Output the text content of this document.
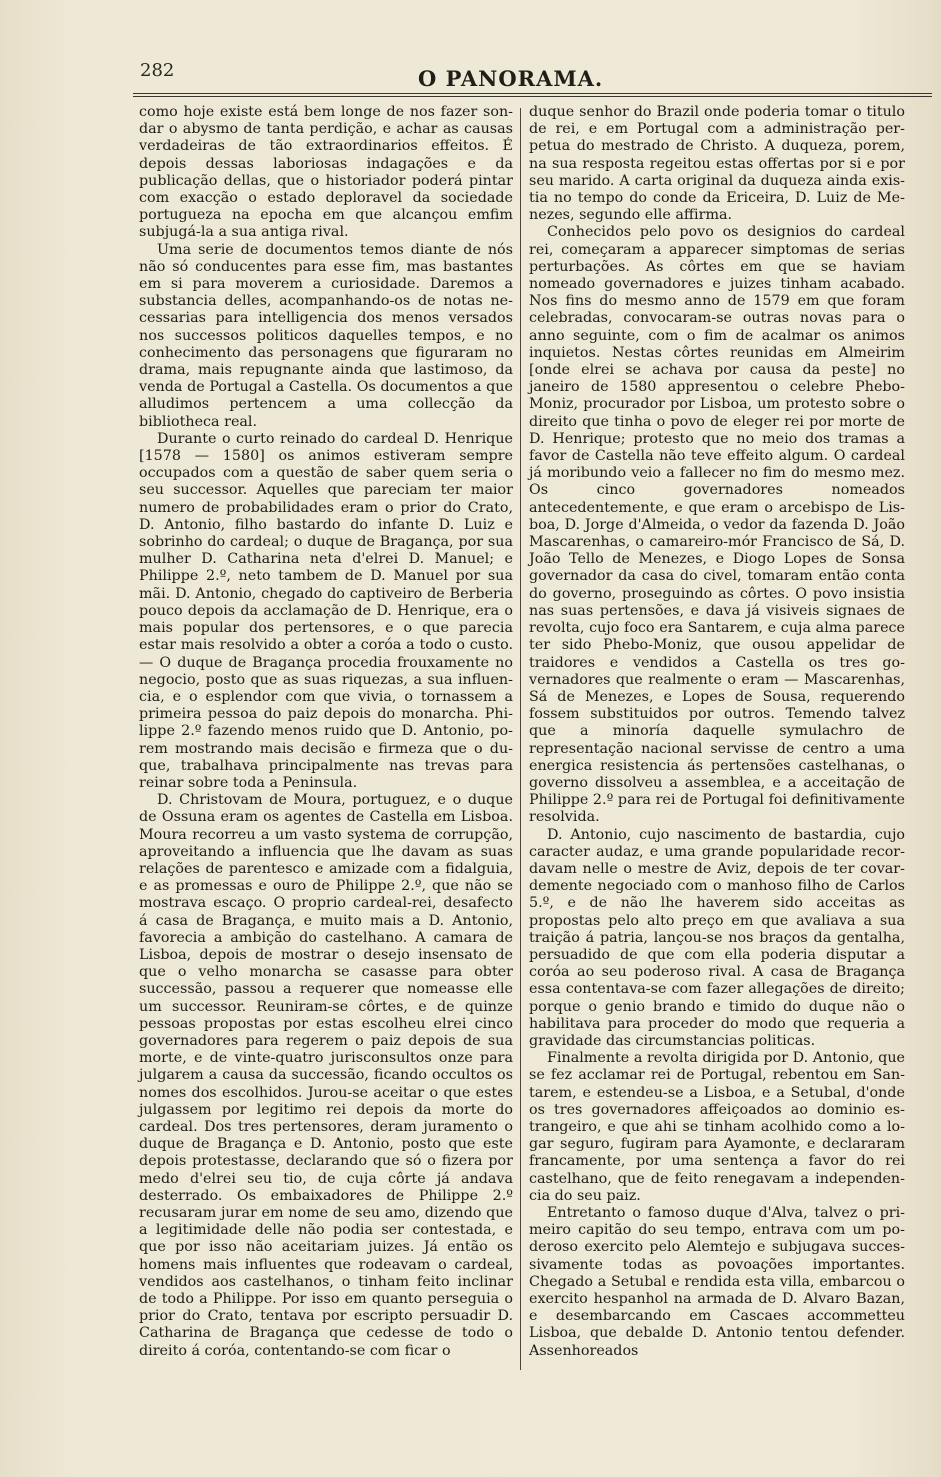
282	O PANORAMA.

como hoje existe está bem longe de nos fazer sondar o abysmo de tanta perdição, e achar as causas verdadeiras de tão extraordinarios effeitos. É depois dessas laboriosas indagações e da publicação dellas, que o historiador poderá pintar com exacção o estado deploravel da sociedade portugueza na epocha em que alcançou emfim subjugá-la a sua antiga rival.

Uma serie de documentos temos diante de nós não só conducentes para esse fim, mas bastantes em si para moverem a curiosidade. Daremos a substancia delles, acompanhando-os de notas necessarias para intelligencia dos menos versados nos successos politicos daquelles tempos, e no conhecimento das personagens que figuraram no drama, mais repugnante ainda que lastimoso, da venda de Portugal a Castella. Os documentos a que alludimos pertencem a uma collecção da bibliotheca real.

Durante o curto reinado do cardeal D. Henrique [1578 — 1580] os animos estiveram sempre occupados com a questão de saber quem seria o seu successor. Aquelles que pareciam ter maior numero de probabilidades eram o prior do Crato, D. Antonio, filho bastardo do infante D. Luiz e sobrinho do cardeal; o duque de Bragança, por sua mulher D. Catharina neta d'elrei D. Manuel; e Philippe 2.º, neto tambem de D. Manuel por sua mãi. D. Antonio, chegado do captiveiro de Berberia pouco depois da acclamação de D. Henrique, era o mais popular dos pertensores, e o que parecia estar mais resolvido a obter a coróa a todo o custo. — O duque de Bragança procedia frouxamente no negocio, posto que as suas riquezas, a sua influencia, e o esplendor com que vivia, o tornassem a primeira pessoa do paiz depois do monarcha. Philippe 2.º fazendo menos ruido que D. Antonio, porem mostrando mais decisão e firmeza que o duque, trabalhava principalmente nas trevas para reinar sobre toda a Peninsula.

D. Christovam de Moura, portuguez, e o duque de Ossuna eram os agentes de Castella em Lisboa. Moura recorreu a um vasto systema de corrupção, aproveitando a influencia que lhe davam as suas relações de parentesco e amizade com a fidalguia, e as promessas e ouro de Philippe 2.º, que não se mostrava escaço. O proprio cardeal-rei, desafecto á casa de Bragança, e muito mais a D. Antonio, favorecia a ambição do castelhano. A camara de Lisboa, depois de mostrar o desejo insensato de que o velho monarcha se casasse para obter successão, passou a requerer que nomeasse elle um successor. Reuniram-se côrtes, e de quinze pessoas propostas por estas escolheu elrei cinco governadores para regerem o paiz depois de sua morte, e de vinte-quatro jurisconsultos onze para julgarem a causa da successão, ficando occultos os nomes dos escolhidos. Jurou-se aceitar o que estes julgassem por legitimo rei depois da morte do cardeal. Dos tres pertensores, deram juramento o duque de Bragança e D. Antonio, posto que este depois protestasse, declarando que só o fizera por medo d'elrei seu tio, de cuja côrte já andava desterrado. Os embaixadores de Philippe 2.º recusaram jurar em nome de seu amo, dizendo que a legitimidade delle não podia ser contestada, e que por isso não aceitariam juizes. Já então os homens mais influentes que rodeavam o cardeal, vendidos aos castelhanos, o tinham feito inclinar de todo a Philippe. Por isso em quanto perseguia o prior do Crato, tentava por escripto persuadir D. Catharina de Bragança que cedesse de todo o direito á coróa, contentando-se com ficar o

duque senhor do Brazil onde poderia tomar o titulo de rei, e em Portugal com a administração perpetua do mestrado de Christo. A duqueza, porem, na sua resposta regeitou estas offertas por si e por seu marido. A carta original da duqueza ainda existia no tempo do conde da Ericeira, D. Luiz de Menezes, segundo elle affirma.

Conhecidos pelo povo os designios do cardeal rei, começaram a apparecer simptomas de serias perturbações. As côrtes em que se haviam nomeado governadores e juizes tinham acabado. Nos fins do mesmo anno de 1579 em que foram celebradas, convocaram-se outras novas para o anno seguinte, com o fim de acalmar os animos inquietos. Nestas côrtes reunidas em Almeirim [onde elrei se achava por causa da peste] no janeiro de 1580 appresentou o celebre Phebo-Moniz, procurador por Lisboa, um protesto sobre o direito que tinha o povo de eleger rei por morte de D. Henrique; protesto que no meio dos tramas a favor de Castella não teve effeito algum. O cardeal já moribundo veio a fallecer no fim do mesmo mez. Os cinco governadores nomeados antecedentemente, e que eram o arcebispo de Lisboa, D. Jorge d'Almeida, o vedor da fazenda D. João Mascarenhas, o camareiro-mór Francisco de Sá, D. João Tello de Menezes, e Diogo Lopes de Sonsa governador da casa do civel, tomaram então conta do governo, proseguindo as côrtes. O povo insistia nas suas pertensões, e dava já visiveis signaes de revolta, cujo foco era Santarem, e cuja alma parece ter sido Phebo-Moniz, que ousou appelidar de traidores e vendidos a Castella os tres governadores que realmente o eram — Mascarenhas, Sá de Menezes, e Lopes de Sousa, requerendo fossem substituidos por outros. Temendo talvez que a minoría daquelle symulachro de representação nacional servisse de centro a uma energica resistencia ás pertensões castelhanas, o governo dissolveu a assemblea, e a acceitação de Philippe 2.º para rei de Portugal foi definitivamente resolvida.

D. Antonio, cujo nascimento de bastardia, cujo caracter audaz, e uma grande popularidade recordavam nelle o mestre de Aviz, depois de ter covardemente negociado com o manhoso filho de Carlos 5.º, e de não lhe haverem sido acceitas as propostas pelo alto preço em que avaliava a sua traição á patria, lançou-se nos braços da gentalha, persuadido de que com ella poderia disputar a coróa ao seu poderoso rival. A casa de Bragança essa contentava-se com fazer allegações de direito; porque o genio brando e timido do duque não o habilitava para proceder do modo que requeria a gravidade das circumstancias politicas.

Finalmente a revolta dirigida por D. Antonio, que se fez acclamar rei de Portugal, rebentou em Santarem, e estendeu-se a Lisboa, e a Setubal, d'onde os tres governadores affeiçoados ao dominio estrangeiro, e que ahi se tinham acolhido como a logar seguro, fugiram para Ayamonte, e declararam francamente, por uma sentença a favor do rei castelhano, que de feito renegavam a independencia do seu paiz.

Entretanto o famoso duque d'Alva, talvez o primeiro capitão do seu tempo, entrava com um poderoso exercito pelo Alemtejo e subjugava successivamente todas as povoações importantes. Chegado a Setubal e rendida esta villa, embarcou o exercito hespanhol na armada de D. Alvaro Bazan, e desembarcando em Cascaes accommetteu Lisboa, que debalde D. Antonio tentou defender. Assenhoreados
